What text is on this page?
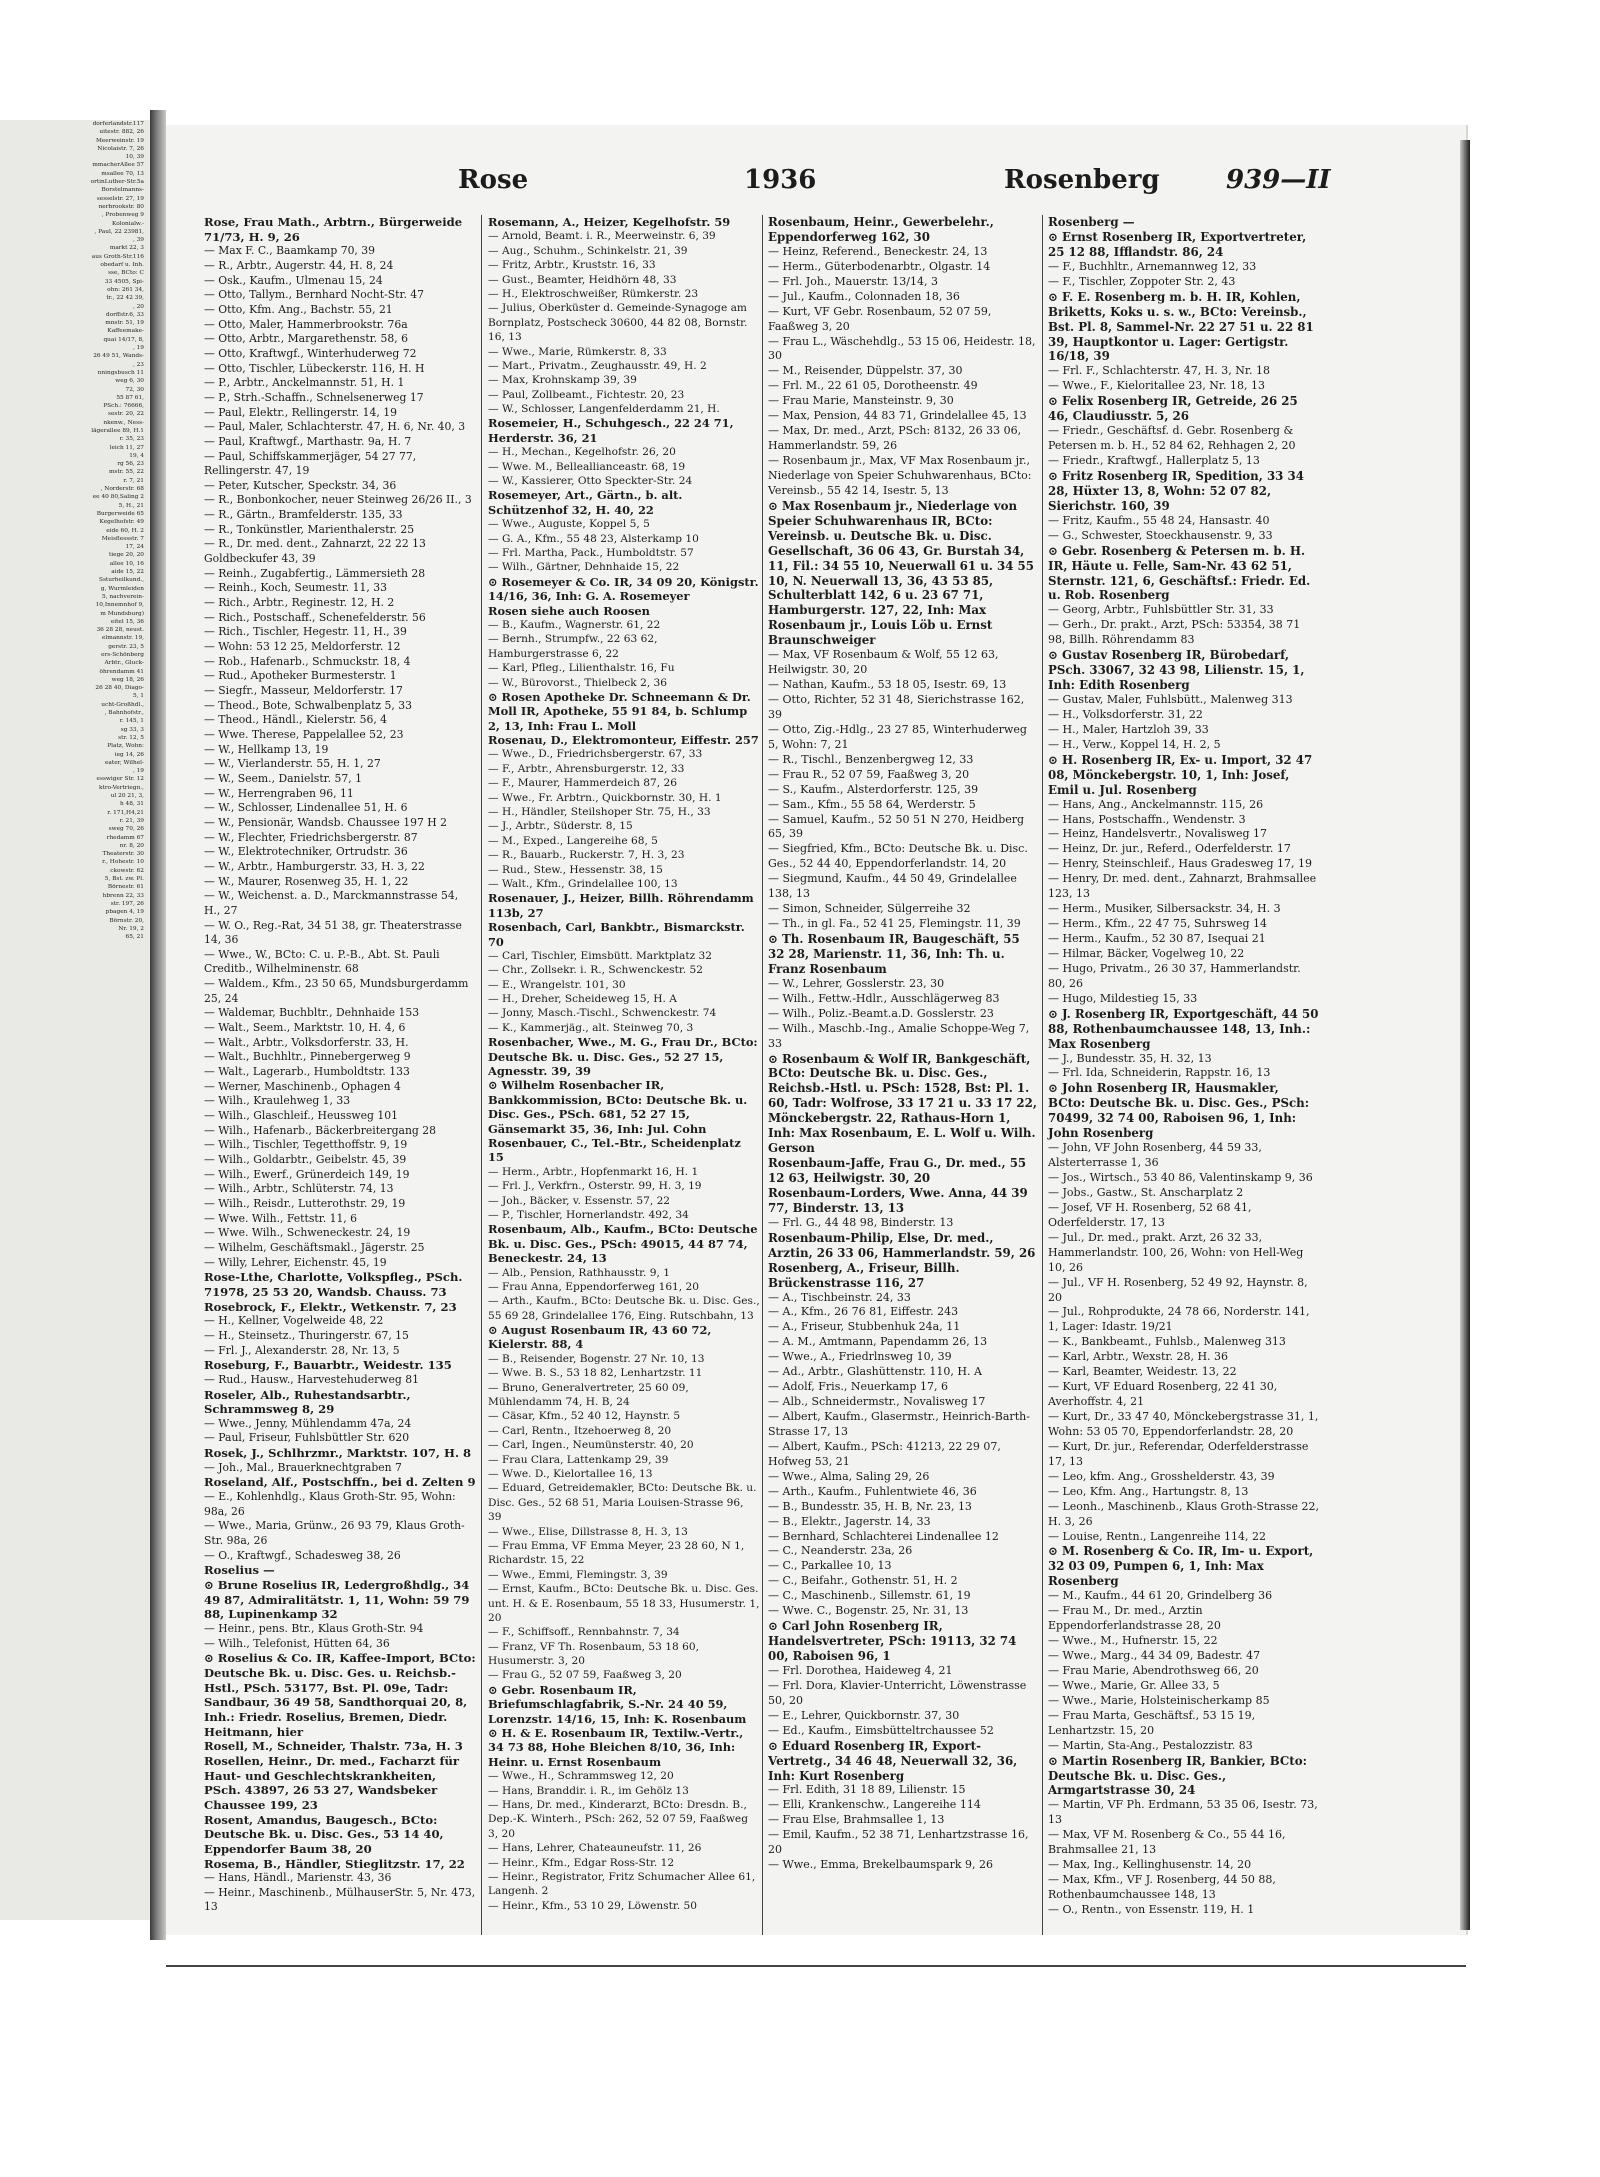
dorferlandstr.117
uitestr. 882, 26
Meerweinstr. 19
Nicolaistr. 7, 26
10, 39
mmacherAllee 57
msallee 70, 13
ortinLuther-Str.5a
Borstelmanns-
sesselstr. 27, 19
nerbrookstr. 80
, Probenweg 9
Kolonialw.-
, Paul, 22 23981,
, 39
markt 22, 3
aus Groth-Str.116
obedarf u. Inh.
sse, BCto: C
33 4505, Spi-
ohn: 261 34,
tr., 22 42 39,
, 20
dorffstr.6, 33
mnstr. 51, 19
Kaffeemake-
quai 14/17, 8,
, 19
26 49 51, Wands-
, 23
nningsbusch 11
weg 6, 30
72, 30
55 87 61,
PSch.: 76666,
sestr. 20, 22
nkenw., Ness-
lägerallee 89, H.1
r. 35, 23
leich 11, 27
19, 4
rg 56, 23
mstr. 55, 22
r. 7, 21
, Norderstr. 68
ee 40 80,Saling 2
5, H., 21
Burgerweide 65
Kegelhofstr. 49
eide 60, H. 2
Meisflessstr. 7
17, 24
tiege 20, 20
allee 10, 16
aide 15, 22
Ssturheilkund.,
g, Wurmleiden
5, nachverein-
10,Innemnhof 9,
m Mundsburg)
eitel 15, 36
36 28 28, neust.
elmannstr. 19,
gerstr. 23, 5
ers-Schönberg
Arbtr., Gluck-
öhrendamm 41
weg 18, 26
26 28 40, Diago-
5, 1
ucht-Großhdl.,
, Bahnhofstr.,
r. 145, 1
sg 33, 3
str. 12, 5
Platz, Wohn:
ieg 14, 26
eater, Wilhel-
, 19
esswiger Str. 12
ktro-Vertriegn.,
ul 20 21, 3,
h 48, 31
r. 171,H4,21
r. 21, 39
sweg 70, 26
rhedamm 67
nr. 8, 20
Theaterstr. 30
r., Hohestr. 10
ckowstr. 62
5, Bst. zw. Pl.
Börnestr. 61
hbrenn 22, 33
str. 197, 26
pbagen 4, 19
Börnstr. 20,
Nr. 19, 2
65, 21
Rose	1936	Rosenberg	939—II
Rose, Frau Math., Arbtrn., Bürgerweide 71/73, H. 9, 26
— Max F. C., Baamkamp 70, 39
— R., Arbtr., Augerstr. 44, H. 8, 24
— Osk., Kaufm., Ulmenau 15, 24
— Otto, Tallym., Bernhard Nocht-Str. 47
— Otto, Kfm. Ang., Bachstr. 55, 21
— Otto, Maler, Hammerbrookstr. 76a
— Otto, Arbtr., Margarethenstr. 58, 6
— Otto, Kraftwgf., Winterhuderweg 72
— Otto, Tischler, Lübeckerstr. 116, H. H
— P., Arbtr., Anckelmannstr. 51, H. 1
— P., Strh.-Schaffn., Schnelsenerweg 17
— Paul, Elektr., Rellingerstr. 14, 19
— Paul, Maler, Schlachterstr. 47, H. 6, Nr. 40, 3
— Paul, Kraftwgf., Marthastr. 9a, H. 7
— Paul, Schiffskammerjäger, 54 27 77, Rellingerstr. 47, 19
— Peter, Kutscher, Speckstr. 34, 36
— R., Bonbonkocher, neuer Steinweg 26/26 II., 3
— R., Gärtn., Bramfelderstr. 135, 33
— R., Tonkünstler, Marienthalerstr. 25
— R., Dr. med. dent., Zahnarzt, 22 22 13 Goldbeckufer 43, 39
— Reinh., Zugabfertig., Lämmersieth 28
— Reinh., Koch, Seumestr. 11, 33
— Rich., Arbtr., Reginestr. 12, H. 2
— Rich., Postschaff., Schenefelderstr. 56
— Rich., Tischler, Hegestr. 11, H., 39
— Wohn: 53 12 25, Meldorferstr. 12
— Rob., Hafenarb., Schmuckstr. 18, 4
— Rud., Apotheker Burmesterstr. 1
— Siegfr., Masseur, Meldorferstr. 17
— Theod., Bote, Schwalbenplatz 5, 33
— Theod., Händl., Kielerstr. 56, 4
— Wwe. Therese, Pappelallee 52, 23
— W., Hellkamp 13, 19
— W., Vierlanderstr. 55, H. 1, 27
— W., Seem., Danielstr. 57, 1
— W., Herrengraben 96, 11
— W., Schlosser, Lindenallee 51, H. 6
— W., Pensionär, Wandsb. Chaussee 197 H 2
— W., Flechter, Friedrichsbergerstr. 87
— W., Elektrotechniker, Ortrudstr. 36
— W., Arbtr., Hamburgerstr. 33, H. 3, 22
— W., Maurer, Rosenweg 35, H. 1, 22
— W., Weichenst. a. D., Marckmannstrasse 54, H., 27
— W. O., Reg.-Rat, 34 51 38, gr. Theaterstrasse 14, 36
— Wwe., W., BCto: C. u. P.-B., Abt. St. Pauli Creditb., Wilhelminenstr. 68
— Waldem., Kfm., 23 50 65, Mundsburgerdamm 25, 24
— Waldemar, Buchbltr., Dehnhaide 153
— Walt., Seem., Marktstr. 10, H. 4, 6
— Walt., Arbtr., Volksdorferstr. 33, H.
— Walt., Buchhltr., Pinnebergerweg 9
— Walt., Lagerarb., Humboldtstr. 133
— Werner, Maschinenb., Ophagen 4
— Wilh., Kraulehweg 1, 33
— Wilh., Glaschleif., Heussweg 101
— Wilh., Hafenarb., Bäckerbreitergang 28
— Wilh., Tischler, Tegetthoffstr. 9, 19
— Wilh., Goldarbtr., Geibelstr. 45, 39
— Wilh., Ewerf., Grünerdeich 149, 19
— Wilh., Arbtr., Schlüterstr. 74, 13
— Wilh., Reisdr., Lutterothstr. 29, 19
— Wwe. Wilh., Fettstr. 11, 6
— Wwe. Wilh., Schweneckestr. 24, 19
— Wilhelm, Geschäftsmakl., Jägerstr. 25
— Willy, Lehrer, Eichenstr. 45, 19
Rose-Lthe, Charlotte, Volkspfleg., PSch. 71978, 25 53 20, Wandsb. Chauss. 73
Rosebrock, F., Elektr., Wetkenstr. 7, 23
— H., Kellner, Vogelweide 48, 22
— H., Steinsetz., Thuringerstr. 67, 15
— Frl. J., Alexanderstr. 28, Nr. 13, 5
Roseburg, F., Bauarbtr., Weidestr. 135
— Rud., Hausw., Harvestehuderweg 81
Roseler, Alb., Ruhestandsarbtr., Schrammsweg 8, 29
— Wwe., Jenny, Mühlendamm 47a, 24
— Paul, Friseur, Fuhlsbüttler Str. 620
Rosek, J., Schlhrzmr., Marktstr. 107, H. 8
— Joh., Mal., Brauerknechtgraben 7
Roseland, Alf., Postschffn., bei d. Zelten 9
— E., Kohlenhdlg., Klaus Groth-Str. 95, Wohn: 98a, 26
— Wwe., Maria, Grünw., 26 93 79, Klaus Groth-Str. 98a, 26
— O., Kraftwgf., Schadesweg 38, 26
Roselius —
⊙ Brune Roselius IR, Ledergroßhdlg., 34 49 87, Admiralitätstr. 1, 11, Wohn: 59 79 88, Lupinenkamp 32
— Heinr., pens. Btr., Klaus Groth-Str. 94
— Wilh., Telefonist, Hütten 64, 36
⊙ Roselius & Co. IR, Kaffee-Import, BCto: Deutsche Bk. u. Disc. Ges. u. Reichsb.-Hstl., PSch. 53177, Bst. Pl. 09e, Tadr: Sandbaur, 36 49 58, Sandthorquai 20, 8, Inh.: Friedr. Roselius, Bremen, Diedr. Heitmann, hier
Rosell, M., Schneider, Thalstr. 73a, H. 3
Rosellen, Heinr., Dr. med., Facharzt für Haut- und Geschlechtskrankheiten, PSch. 43897, 26 53 27, Wandsbeker Chaussee 199, 23
Rosent, Amandus, Baugesch., BCto: Deutsche Bk. u. Disc. Ges., 53 14 40, Eppendorfer Baum 38, 20
Rosema, B., Händler, Stieglitzstr. 17, 22
— Hans, Händl., Marienstr. 43, 36
— Heinr., Maschinenb., MülhauserStr. 5, Nr. 473, 13
Rosemann, A., Heizer, Kegelhofstr. 59
— Arnold, Beamt. i. R., Meerweinstr. 6, 39
— Aug., Schuhm., Schinkelstr. 21, 39
— Fritz, Arbtr., Kruststr. 16, 33
— Gust., Beamter, Heidhörn 48, 33
— H., Elektroschweißer, Rümkerstr. 23
— Julius, Oberküster d. Gemeinde-Synagoge am Bornplatz, Postscheck 30600, 44 82 08, Bornstr. 16, 13
— Wwe., Marie, Rümkerstr. 8, 33
— Mart., Privatm., Zeughausstr. 49, H. 2
— Max, Krohnskamp 39, 39
— Paul, Zollbeamt., Fichtestr. 20, 23
— W., Schlosser, Langenfelderdamm 21, H.
Rosemeier, H., Schuhgesch., 22 24 71, Herderstr. 36, 21
— H., Mechan., Kegelhofstr. 26, 20
— Wwe. M., Belleallianceastr. 68, 19
— W., Kassierer, Otto Speckter-Str. 24
Rosemeyer, Art., Gärtn., b. alt. Schützenhof 32, H. 40, 22
— Wwe., Auguste, Koppel 5, 5
— G. A., Kfm., 55 48 23, Alsterkamp 10
— Frl. Martha, Pack., Humboldtstr. 57
— Wilh., Gärtner, Dehnhaide 15, 22
⊙ Rosemeyer & Co. IR, 34 09 20, Königstr. 14/16, 36, Inh: G. A. Rosemeyer
Rosen siehe auch Roosen
— B., Kaufm., Wagnerstr. 61, 22
— Bernh., Strumpfw., 22 63 62, Hamburgerstrasse 6, 22
— Karl, Pfleg., Lilienthalstr. 16, Fu
— W., Bürovorst., Thielbeck 2, 36
⊙ Rosen Apotheke Dr. Schneemann & Dr. Moll IR, Apotheke, 55 91 84, b. Schlump 2, 13, Inh: Frau L. Moll
Rosenau, D., Elektromonteur, Eiffestr. 257
— Wwe., D., Friedrichsbergerstr. 67, 33
— F., Arbtr., Ahrensburgerstr. 12, 33
— F., Maurer, Hammerdeich 87, 26
— Wwe., Fr. Arbtrn., Quickbornstr. 30, H. 1
— H., Händler, Steilshoper Str. 75, H., 33
— J., Arbtr., Süderstr. 8, 15
— M., Exped., Langereihe 68, 5
— R., Bauarb., Ruckerstr. 7, H. 3, 23
— Rud., Stew., Hessenstr. 38, 15
— Walt., Kfm., Grindelallee 100, 13
Rosenauer, J., Heizer, Billh. Röhrendamm 113b, 27
Rosenbach, Carl, Bankbtr., Bismarckstr. 70
— Carl, Tischler, Eimsbütt. Marktplatz 32
— Chr., Zollsekr. i. R., Schwenckestr. 52
— E., Wrangelstr. 101, 30
— H., Dreher, Scheideweg 15, H. A
— Jonny, Masch.-Tischl., Schwenckestr. 74
— K., Kammerjäg., alt. Steinweg 70, 3
Rosenbacher, Wwe., M. G., Frau Dr., BCto: Deutsche Bk. u. Disc. Ges., 52 27 15, Agnesstr. 39, 39
⊙ Wilhelm Rosenbacher IR, Bankkommission, BCto: Deutsche Bk. u. Disc. Ges., PSch. 681, 52 27 15, Gänsemarkt 35, 36, Inh: Jul. Cohn
Rosenbauer, C., Tel.-Btr., Scheidenplatz 15
— Herm., Arbtr., Hopfenmarkt 16, H. 1
— Frl. J., Verkfrn., Osterstr. 99, H. 3, 19
— Joh., Bäcker, v. Essenstr. 57, 22
— P., Tischler, Hornerlandstr. 492, 34
Rosenbaum, Alb., Kaufm., BCto: Deutsche Bk. u. Disc. Ges., PSch: 49015, 44 87 74, Beneckestr. 24, 13
— Alb., Pension, Rathhausstr. 9, 1
— Frau Anna, Eppendorferweg 161, 20
— Arth., Kaufm., BCto: Deutsche Bk. u. Disc. Ges., 55 69 28, Grindelallee 176, Eing. Rutschbahn, 13
⊙ August Rosenbaum IR, 43 60 72, Kielerstr. 88, 4
— B., Reisender, Bogenstr. 27 Nr. 10, 13
— Wwe. B. S., 53 18 82, Lenhartzstr. 11
— Bruno, Generalvertreter, 25 60 09, Mühlendamm 74, H. B, 24
— Cäsar, Kfm., 52 40 12, Haynstr. 5
— Carl, Rentn., Itzehoerweg 8, 20
— Carl, Ingen., Neumünsterstr. 40, 20
— Frau Clara, Lattenkamp 29, 39
— Wwe. D., Kielortallee 16, 13
— Eduard, Getreidemakler, BCto: Deutsche Bk. u. Disc. Ges., 52 68 51, Maria Louisen-Strasse 96, 39
— Wwe., Elise, Dillstrasse 8, H. 3, 13
— Frau Emma, VF Emma Meyer, 23 28 60, N 1, Richardstr. 15, 22
— Wwe., Emmi, Flemingstr. 3, 39
— Ernst, Kaufm., BCto: Deutsche Bk. u. Disc. Ges. unt. H. & E. Rosenbaum, 55 18 33, Husumerstr. 1, 20
— F., Schiffsoff., Rennbahnstr. 7, 34
— Franz, VF Th. Rosenbaum, 53 18 60, Husumerstr. 3, 20
— Frau G., 52 07 59, Faaßweg 3, 20
⊙ Gebr. Rosenbaum IR, Briefumschlagfabrik, S.-Nr. 24 40 59, Lorenzstr. 14/16, 15, Inh: K. Rosenbaum
⊙ H. & E. Rosenbaum IR, Textilw.-Vertr., 34 73 88, Hohe Bleichen 8/10, 36, Inh: Heinr. u. Ernst Rosenbaum
— Wwe., H., Schrammsweg 12, 20
— Hans, Branddir. i. R., im Gehölz 13
— Hans, Dr. med., Kinderarzt, BCto: Dresdn. B., Dep.-K. Winterh., PSch: 262, 52 07 59, Faaßweg 3, 20
— Hans, Lehrer, Chateauneufstr. 11, 26
— Heinr., Kfm., Edgar Ross-Str. 12
— Heinr., Registrator, Fritz Schumacher Allee 61, Langenh. 2
— Heinr., Kfm., 53 10 29, Löwenstr. 50
Rosenbaum, Heinr., Gewerbelehr., Eppendorferweg 162, 30
— Heinz, Referend., Beneckestr. 24, 13
— Herm., Güterbodenarbtr., Olgastr. 14
— Frl. Joh., Mauerstr. 13/14, 3
— Jul., Kaufm., Colonnaden 18, 36
— Kurt, VF Gebr. Rosenbaum, 52 07 59, Faaßweg 3, 20
— Frau L., Wäschehdlg., 53 15 06, Heidestr. 18, 30
— M., Reisender, Düppelstr. 37, 30
— Frl. M., 22 61 05, Dorotheenstr. 49
— Frau Marie, Mansteinstr. 9, 30
— Max, Pension, 44 83 71, Grindelallee 45, 13
— Max, Dr. med., Arzt, PSch: 8132, 26 33 06, Hammerlandstr. 59, 26
— Rosenbaum jr., Max, VF Max Rosenbaum jr., Niederlage von Speier Schuhwarenhaus, BCto: Vereinsb., 55 42 14, Isestr. 5, 13
⊙ Max Rosenbaum jr., Niederlage von Speier Schuhwarenhaus IR, BCto: Vereinsb. u. Deutsche Bk. u. Disc. Gesellschaft, 36 06 43, Gr. Burstah 34, 11, Fil.: 34 55 10, Neuerwall 61 u. 34 55 10, N. Neuerwall 13, 36, 43 53 85, Schulterblatt 142, 6 u. 23 67 71, Hamburgerstr. 127, 22, Inh: Max Rosenbaum jr., Louis Löb u. Ernst Braunschweiger
— Max, VF Rosenbaum & Wolf, 55 12 63, Heilwigstr. 30, 20
— Nathan, Kaufm., 53 18 05, Isestr. 69, 13
— Otto, Richter, 52 31 48, Sierichstrasse 162, 39
— Otto, Zig.-Hdlg., 23 27 85, Winterhuderweg 5, Wohn: 7, 21
— R., Tischl., Benzenbergweg 12, 33
— Frau R., 52 07 59, Faaßweg 3, 20
— S., Kaufm., Alsterdorferstr. 125, 39
— Sam., Kfm., 55 58 64, Werderstr. 5
— Samuel, Kaufm., 52 50 51 N 270, Heidberg 65, 39
— Siegfried, Kfm., BCto: Deutsche Bk. u. Disc. Ges., 52 44 40, Eppendorferlandstr. 14, 20
— Siegmund, Kaufm., 44 50 49, Grindelallee 138, 13
— Simon, Schneider, Sülgerreihe 32
— Th., in gl. Fa., 52 41 25, Flemingstr. 11, 39
⊙ Th. Rosenbaum IR, Baugeschäft, 55 32 28, Marienstr. 11, 36, Inh: Th. u. Franz Rosenbaum
— W., Lehrer, Gosslerstr. 23, 30
— Wilh., Fettw.-Hdlr., Ausschlägerweg 83
— Wilh., Poliz.-Beamt.a.D. Gosslerstr. 23
— Wilh., Maschb.-Ing., Amalie Schoppe-Weg 7, 33
⊙ Rosenbaum & Wolf IR, Bankgeschäft, BCto: Deutsche Bk. u. Disc. Ges., Reichsb.-Hstl. u. PSch: 1528, Bst: Pl. 1. 60, Tadr: Wolfrose, 33 17 21 u. 33 17 22, Mönckebergstr. 22, Rathaus-Horn 1, Inh: Max Rosenbaum, E. L. Wolf u. Wilh. Gerson
Rosenbaum-Jaffe, Frau G., Dr. med., 55 12 63, Heilwigstr. 30, 20
Rosenbaum-Lorders, Wwe. Anna, 44 39 77, Binderstr. 13, 13
— Frl. G., 44 48 98, Binderstr. 13
Rosenbaum-Philip, Else, Dr. med., Arztin, 26 33 06, Hammerlandstr. 59, 26
Rosenberg, A., Friseur, Billh. Brückenstrasse 116, 27
— A., Tischbeinstr. 24, 33
— A., Kfm., 26 76 81, Eiffestr. 243
— A., Friseur, Stubbenhuk 24a, 11
— A. M., Amtmann, Papendamm 26, 13
— Wwe., A., Friedrlnsweg 10, 39
— Ad., Arbtr., Glashüttenstr. 110, H. A
— Adolf, Fris., Neuerkamp 17, 6
— Alb., Schneidermstr., Novalisweg 17
— Albert, Kaufm., Glasermstr., Heinrich-Barth-Strasse 17, 13
— Albert, Kaufm., PSch: 41213, 22 29 07, Hofweg 53, 21
— Wwe., Alma, Saling 29, 26
— Arth., Kaufm., Fuhlentwiete 46, 36
— B., Bundesstr. 35, H. B, Nr. 23, 13
— B., Elektr., Jagerstr. 14, 33
— Bernhard, Schlachterei Lindenallee 12
— C., Neanderstr. 23a, 26
— C., Parkallee 10, 13
— C., Beifahr., Gothenstr. 51, H. 2
— C., Maschinenb., Sillemstr. 61, 19
— Wwe. C., Bogenstr. 25, Nr. 31, 13
⊙ Carl John Rosenberg IR, Handelsvertreter, PSch: 19113, 32 74 00, Raboisen 96, 1
— Frl. Dorothea, Haideweg 4, 21
— Frl. Dora, Klavier-Unterricht, Löwenstrasse 50, 20
— E., Lehrer, Quickbornstr. 37, 30
— Ed., Kaufm., Eimsbütteltrchaussee 52
⊙ Eduard Rosenberg IR, Export-Vertretg., 34 46 48, Neuerwall 32, 36, Inh: Kurt Rosenberg
— Frl. Edith, 31 18 89, Lilienstr. 15
— Elli, Krankenschw., Langereihe 114
— Frau Else, Brahmsallee 1, 13
— Emil, Kaufm., 52 38 71, Lenhartzstrasse 16, 20
— Wwe., Emma, Brekelbaumspark 9, 26
Rosenberg —
⊙ Ernst Rosenberg IR, Exportvertreter, 25 12 88, Ifflandstr. 86, 24
— F., Buchhltr., Arnemannweg 12, 33
— F., Tischler, Zoppoter Str. 2, 43
⊙ F. E. Rosenberg m. b. H. IR, Kohlen, Briketts, Koks u. s. w., BCto: Vereinsb., Bst. Pl. 8, Sammel-Nr. 22 27 51 u. 22 81 39, Hauptkontor u. Lager: Gertigstr. 16/18, 39
— Frl. F., Schlachterstr. 47, H. 3, Nr. 18
— Wwe., F., Kieloritallee 23, Nr. 18, 13
⊙ Felix Rosenberg IR, Getreide, 26 25 46, Claudiusstr. 5, 26
— Friedr., Geschäftsf. d. Gebr. Rosenberg & Petersen m. b. H., 52 84 62, Rehhagen 2, 20
— Friedr., Kraftwgf., Hallerplatz 5, 13
⊙ Fritz Rosenberg IR, Spedition, 33 34 28, Hüxter 13, 8, Wohn: 52 07 82, Sierichstr. 160, 39
— Fritz, Kaufm., 55 48 24, Hansastr. 40
— G., Schwester, Stoeckhausenstr. 9, 33
⊙ Gebr. Rosenberg & Petersen m. b. H. IR, Häute u. Felle, Sam-Nr. 43 62 51, Sternstr. 121, 6, Geschäftsf.: Friedr. Ed. u. Rob. Rosenberg
— Georg, Arbtr., Fuhlsbüttler Str. 31, 33
— Gerh., Dr. prakt., Arzt, PSch: 53354, 38 71 98, Billh. Röhrendamm 83
⊙ Gustav Rosenberg IR, Bürobedarf, PSch. 33067, 32 43 98, Lilienstr. 15, 1, Inh: Edith Rosenberg
— Gustav, Maler, Fuhlsbütt., Malenweg 313
— H., Volksdorferstr. 31, 22
— H., Maler, Hartzloh 39, 33
— H., Verw., Koppel 14, H. 2, 5
⊙ H. Rosenberg IR, Ex- u. Import, 32 47 08, Mönckebergstr. 10, 1, Inh: Josef, Emil u. Jul. Rosenberg
— Hans, Ang., Anckelmannstr. 115, 26
— Hans, Postschaffn., Wendenstr. 3
— Heinz, Handelsvertr., Novalisweg 17
— Heinz, Dr. jur., Referd., Oderfelderstr. 17
— Henry, Steinschleif., Haus Gradesweg 17, 19
— Henry, Dr. med. dent., Zahnarzt, Brahmsallee 123, 13
— Herm., Musiker, Silbersackstr. 34, H. 3
— Herm., Kfm., 22 47 75, Suhrsweg 14
— Herm., Kaufm., 52 30 87, Isequai 21
— Hilmar, Bäcker, Vogelweg 10, 22
— Hugo, Privatm., 26 30 37, Hammerlandstr. 80, 26
— Hugo, Mildestieg 15, 33
⊙ J. Rosenberg IR, Exportgeschäft, 44 50 88, Rothenbaumchaussee 148, 13, Inh.: Max Rosenberg
— J., Bundesstr. 35, H. 32, 13
— Frl. Ida, Schneiderin, Rappstr. 16, 13
⊙ John Rosenberg IR, Hausmakler, BCto: Deutsche Bk. u. Disc. Ges., PSch: 70499, 32 74 00, Raboisen 96, 1, Inh: John Rosenberg
— John, VF John Rosenberg, 44 59 33, Alsterterrasse 1, 36
— Jos., Wirtsch., 53 40 86, Valentinskamp 9, 36
— Jobs., Gastw., St. Anscharplatz 2
— Josef, VF H. Rosenberg, 52 68 41, Oderfelderstr. 17, 13
— Jul., Dr. med., prakt. Arzt, 26 32 33, Hammerlandstr. 100, 26, Wohn: von Hell-Weg 10, 26
— Jul., VF H. Rosenberg, 52 49 92, Haynstr. 8, 20
— Jul., Rohprodukte, 24 78 66, Norderstr. 141, 1, Lager: Idastr. 19/21
— K., Bankbeamt., Fuhlsb., Malenweg 313
— Karl, Arbtr., Wexstr. 28, H. 36
— Karl, Beamter, Weidestr. 13, 22
— Kurt, VF Eduard Rosenberg, 22 41 30, Averhoffstr. 4, 21
— Kurt, Dr., 33 47 40, Mönckebergstrasse 31, 1, Wohn: 53 05 70, Eppendorferlandstr. 28, 20
— Kurt, Dr. jur., Referendar, Oderfelderstrasse 17, 13
— Leo, kfm. Ang., Grosshelderstr. 43, 39
— Leo, Kfm. Ang., Hartungstr. 8, 13
— Leonh., Maschinenb., Klaus Groth-Strasse 22, H. 3, 26
— Louise, Rentn., Langenreihe 114, 22
⊙ M. Rosenberg & Co. IR, Im- u. Export, 32 03 09, Pumpen 6, 1, Inh: Max Rosenberg
— M., Kaufm., 44 61 20, Grindelberg 36
— Frau M., Dr. med., Arztin Eppendorferlandstrasse 28, 20
— Wwe., M., Hufnerstr. 15, 22
— Wwe., Marg., 44 34 09, Badestr. 47
— Frau Marie, Abendrothsweg 66, 20
— Wwe., Marie, Gr. Allee 33, 5
— Wwe., Marie, Holsteinischerkamp 85
— Frau Marta, Geschäftsf., 53 15 19, Lenhartzstr. 15, 20
— Martin, Sta-Ang., Pestalozzistr. 83
⊙ Martin Rosenberg IR, Bankier, BCto: Deutsche Bk. u. Disc. Ges., Armgartstrasse 30, 24
— Martin, VF Ph. Erdmann, 53 35 06, Isestr. 73, 13
— Max, VF M. Rosenberg & Co., 55 44 16, Brahmsallee 21, 13
— Max, Ing., Kellinghusenstr. 14, 20
— Max, Kfm., VF J. Rosenberg, 44 50 88, Rothenbaumchaussee 148, 13
— O., Rentn., von Essenstr. 119, H. 1
